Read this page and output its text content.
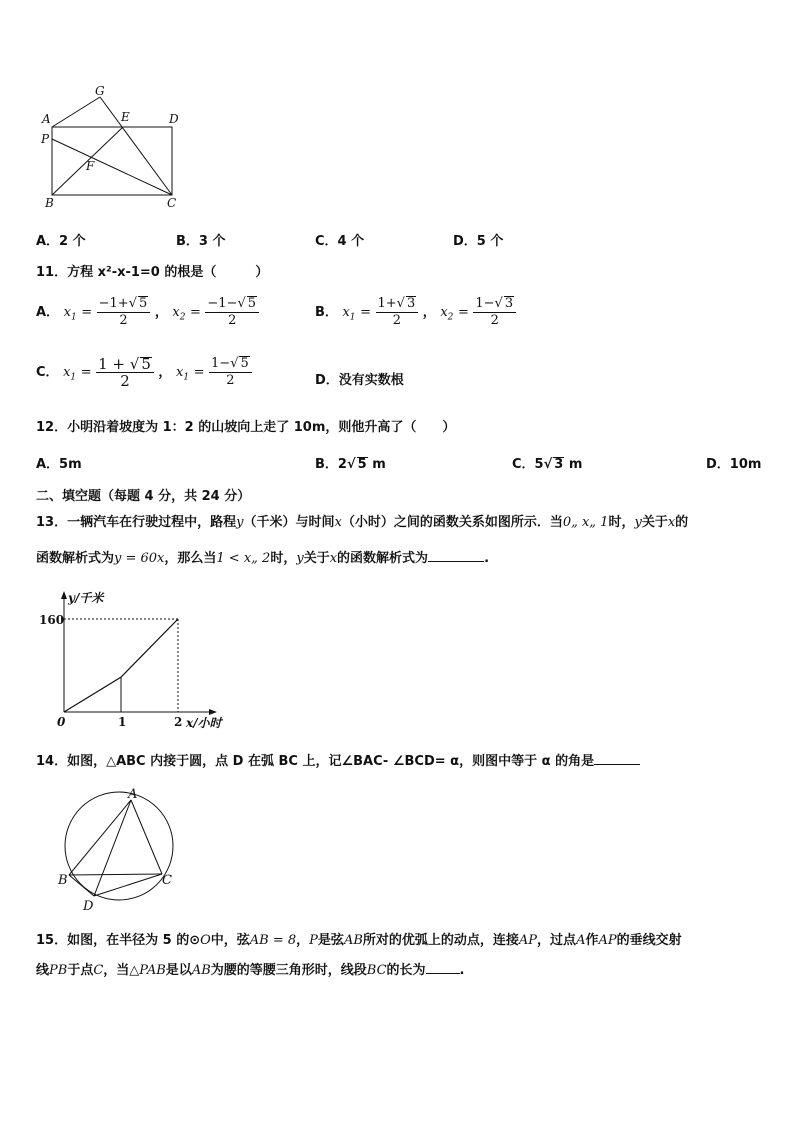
A
G
E	D
P
F
B	C
A．2 个	B．3 个	C．4 个	D．5 个
11．方程 x²-x-1=0 的根是（　　　）
A． $x_1 = \frac{-1+√ 5}{2}$ ， $x_2 = \frac{-1-√ 5}{2}$	B． $x_1 = \frac{1+√ 3}{2}$ ， $x_2 = \frac{1-√ 3}{2}$
C． $x_1 = \frac{1 + √ 5}{2}$ ， $x_1 = \frac{1-√ 5}{2}$	D．没有实数根
12．小明沿着坡度为 1：2 的山坡向上走了 10m，则他升高了（　　）
A．5m	B．2√ 5 m	C．5√ 3 m	D．10m
二、填空题（每题 4 分，共 24 分）
13．一辆汽车在行驶过程中，路程y（千米）与时间x（小时）之间的函数关系如图所示．当0„ x„ 1时，y关于x的
函数解析式为y = 60x，那么当1 < x„ 2时，y关于x的函数解析式为	.
y/千米
x/小时
160
0	1	2
14．如图，△ABC 内接于圆，点 D 在弧 BC 上，记∠BAC- ∠BCD= α，则图中等于 α 的角是
A
B	C
D
15．如图，在半径为 5 的⊙O中，弦AB = 8，P是弦AB所对的优弧上的动点，连接AP，过点A作AP的垂线交射
线PB于点C，当△PAB是以AB为腰的等腰三角形时，线段BC的长为	.
